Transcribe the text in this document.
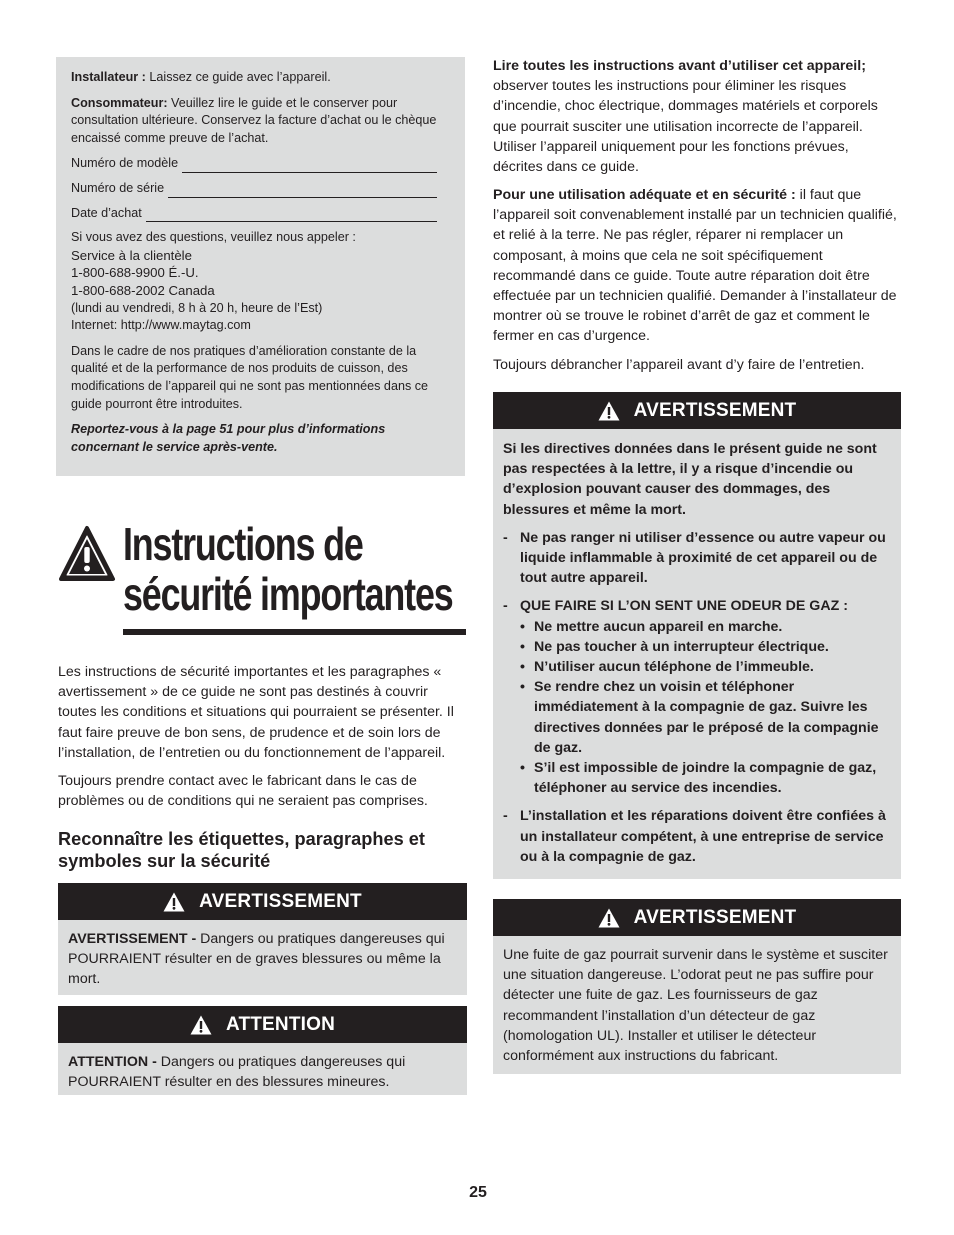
Installateur : Laissez ce guide avec l’appareil.

Consommateur: Veuillez lire le guide et le conserver pour consultation ultérieure. Conservez la facture d’achat ou le chèque encaissé comme preuve de l’achat.

Numéro de modèle
Numéro de série
Date d’achat

Si vous avez des questions, veuillez nous appeler :

Service à la clientèle

1-800-688-9900 É.-U.

1-800-688-2002 Canada

(lundi au vendredi, 8 h à 20 h, heure de l’Est)

Internet: http://www.maytag.com

Dans le cadre de nos pratiques d’amélioration constante de la qualité et de la performance de nos produits de cuisson, des modifications de l’appareil qui ne sont pas mentionnées dans ce guide pourront être introduites.

Reportez-vous à la page 51 pour plus d’informations concernant le service après-vente.

Instructions de
sécurité importantes

Les instructions de sécurité importantes et les paragraphes « avertissement » de ce guide ne sont pas destinés à couvrir toutes les conditions et situations qui pourraient se présenter. Il faut faire preuve de bon sens, de prudence et de soin lors de l’installation, de l’entretien ou du fonctionnement de l’appareil.

Toujours prendre contact avec le fabricant dans le cas de problèmes ou de conditions qui ne seraient pas comprises.

Reconnaître les étiquettes, paragraphes et symboles sur la sécurité

AVERTISSEMENT

AVERTISSEMENT - Dangers ou pratiques dangereuses qui POURRAIENT résulter en de graves blessures ou même la mort.

ATTENTION

ATTENTION - Dangers ou pratiques dangereuses qui POURRAIENT résulter en des blessures mineures.

Lire toutes les instructions avant d’utiliser cet appareil; observer toutes les instructions pour éliminer les risques d’incendie, choc électrique, dommages matériels et corporels que pourrait susciter une utilisation incorrecte de l’appareil. Utiliser l’appareil uniquement pour les fonctions prévues, décrites dans ce guide.

Pour une utilisation adéquate et en sécurité : il faut que l’appareil soit convenablement installé par un technicien qualifié, et relié à la terre. Ne pas régler, réparer ni remplacer un composant, à moins que cela ne soit spécifiquement recommandé dans ce guide. Toute autre réparation doit être effectuée par un technicien qualifié. Demander à l’installateur de montrer où se trouve le robinet d’arrêt de gaz et comment le fermer en cas d’urgence.

Toujours débrancher l’appareil avant d’y faire de l’entretien.

AVERTISSEMENT

Si les directives données dans le présent guide ne sont pas respectées à la lettre, il y a risque d’incendie ou d’explosion pouvant causer des dommages, des blessures et même la mort.

- Ne pas ranger ni utiliser d’essence ou autre vapeur ou liquide inflammable à proximité de cet appareil ou de tout autre appareil.
- QUE FAIRE SI L’ON SENT UNE ODEUR DE GAZ :
• Ne mettre aucun appareil en marche.
• Ne pas toucher à un interrupteur électrique.
• N’utiliser aucun téléphone de l’immeuble.
• Se rendre chez un voisin et téléphoner immédiatement à la compagnie de gaz. Suivre les directives données par le préposé de la compagnie de gaz.
• S’il est impossible de joindre la compagnie de gaz, téléphoner au service des incendies.
- L’installation et les réparations doivent être confiées à un installateur compétent, à une entreprise de service ou à la compagnie de gaz.
AVERTISSEMENT

Une fuite de gaz pourrait survenir dans le système et susciter une situation dangereuse. L’odorat peut ne pas suffire pour détecter une fuite de gaz. Les fournisseurs de gaz recommandent l’installation d’un détecteur de gaz (homologation UL). Installer et utiliser le détecteur conformément aux instructions du fabricant.

25
